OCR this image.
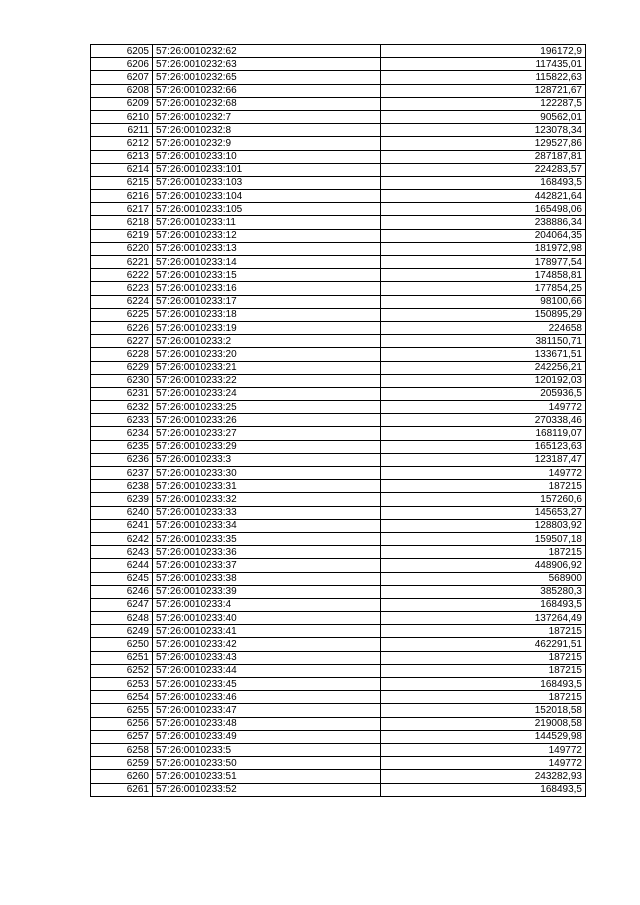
6205	57:26:0010232:62	196172,9
6206	57:26:0010232:63	117435,01
6207	57:26:0010232:65	115822,63
6208	57:26:0010232:66	128721,67
6209	57:26:0010232:68	122287,5
6210	57:26:0010232:7	90562,01
6211	57:26:0010232:8	123078,34
6212	57:26:0010232:9	129527,86
6213	57:26:0010233:10	287187,81
6214	57:26:0010233:101	224283,57
6215	57:26:0010233:103	168493,5
6216	57:26:0010233:104	442821,64
6217	57:26:0010233:105	165498,06
6218	57:26:0010233:11	238886,34
6219	57:26:0010233:12	204064,35
6220	57:26:0010233:13	181972,98
6221	57:26:0010233:14	178977,54
6222	57:26:0010233:15	174858,81
6223	57:26:0010233:16	177854,25
6224	57:26:0010233:17	98100,66
6225	57:26:0010233:18	150895,29
6226	57:26:0010233:19	224658
6227	57:26:0010233:2	381150,71
6228	57:26:0010233:20	133671,51
6229	57:26:0010233:21	242256,21
6230	57:26:0010233:22	120192,03
6231	57:26:0010233:24	205936,5
6232	57:26:0010233:25	149772
6233	57:26:0010233:26	270338,46
6234	57:26:0010233:27	168119,07
6235	57:26:0010233:29	165123,63
6236	57:26:0010233:3	123187,47
6237	57:26:0010233:30	149772
6238	57:26:0010233:31	187215
6239	57:26:0010233:32	157260,6
6240	57:26:0010233:33	145653,27
6241	57:26:0010233:34	128803,92
6242	57:26:0010233:35	159507,18
6243	57:26:0010233:36	187215
6244	57:26:0010233:37	448906,92
6245	57:26:0010233:38	568900
6246	57:26:0010233:39	385280,3
6247	57:26:0010233:4	168493,5
6248	57:26:0010233:40	137264,49
6249	57:26:0010233:41	187215
6250	57:26:0010233:42	462291,51
6251	57:26:0010233:43	187215
6252	57:26:0010233:44	187215
6253	57:26:0010233:45	168493,5
6254	57:26:0010233:46	187215
6255	57:26:0010233:47	152018,58
6256	57:26:0010233:48	219008,58
6257	57:26:0010233:49	144529,98
6258	57:26:0010233:5	149772
6259	57:26:0010233:50	149772
6260	57:26:0010233:51	243282,93
6261	57:26:0010233:52	168493,5
